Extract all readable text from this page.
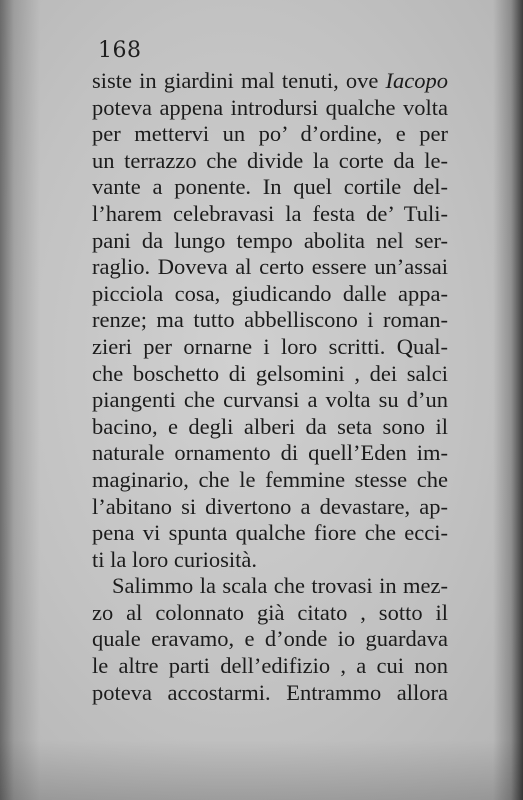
168
siste in giardini mal tenuti, ove Iacopo
poteva appena introdursi qualche volta
per mettervi un po’ d’ordine, e per
un terrazzo che divide la corte da le-
vante a ponente. In quel cortile del-
l’harem celebravasi la festa de’ Tuli-
pani da lungo tempo abolita nel ser-
raglio. Doveva al certo essere un’assai
picciola cosa, giudicando dalle appa-
renze; ma tutto abbelliscono i roman-
zieri per ornarne i loro scritti. Qual-
che boschetto di gelsomini , dei salci
piangenti che curvansi a volta su d’un
bacino, e degli alberi da seta sono il
naturale ornamento di quell’Eden im-
maginario, che le femmine stesse che
l’abitano si divertono a devastare, ap-
pena vi spunta qualche fiore che ecci-
ti la loro curiosità.
Salimmo la scala che trovasi in mez-
zo al colonnato già citato , sotto il
quale eravamo, e d’onde io guardava
le altre parti dell’edifizio , a cui non
poteva accostarmi. Entrammo allora
